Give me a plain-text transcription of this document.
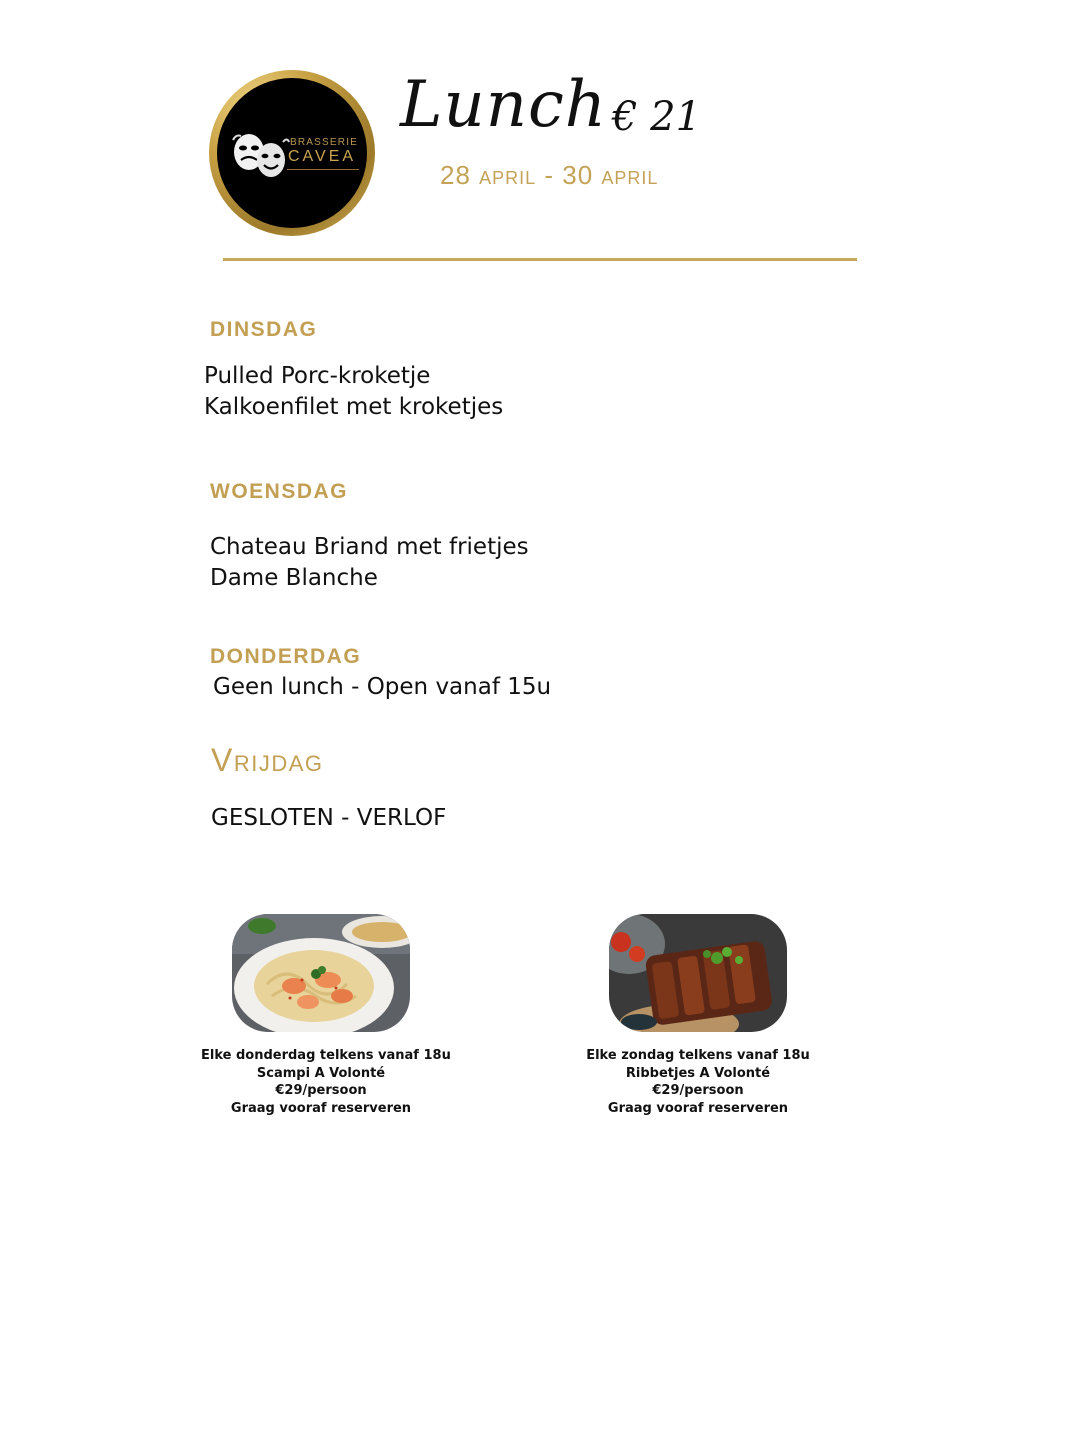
BRASSERIE
CAVEA
Lunch € 21
28 april - 30 april
DINSDAG
Pulled Porc-kroketje
Kalkoenfilet met kroketjes
WOENSDAG
Chateau Briand met frietjes
Dame Blanche
DONDERDAG
Geen lunch - Open vanaf 15u
Vrijdag
GESLOTEN - VERLOF
Elke donderdag telkens vanaf 18u
Scampi A Volonté
€29/persoon
Graag vooraf reserveren
Elke zondag telkens vanaf 18u
Ribbetjes A Volonté
€29/persoon
Graag vooraf reserveren
